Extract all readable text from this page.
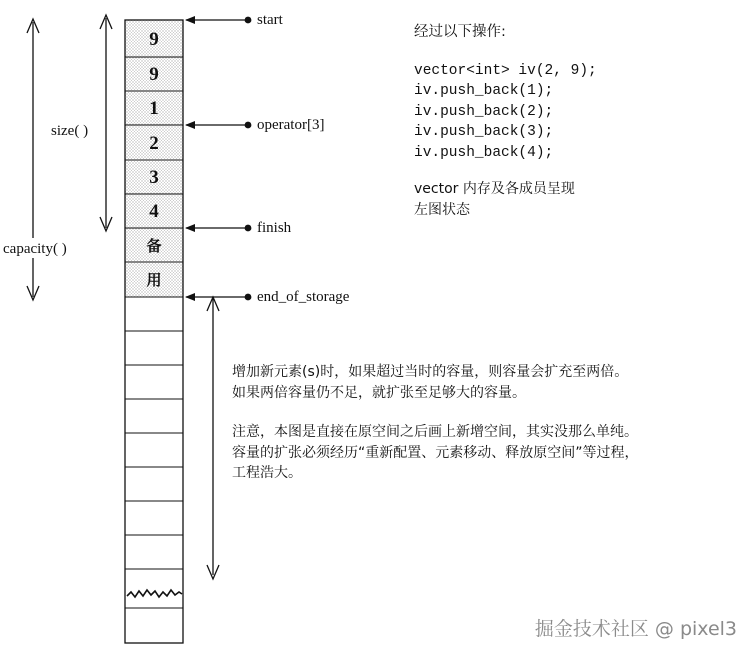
9
9
1
2
3
4
备
用
capacity( )
size( )
start
operator[3]
finish
end_of_storage
经过以下操作:
vector<int> iv(2, 9);
iv.push_back(1);
iv.push_back(2);
iv.push_back(3);
iv.push_back(4);
vector 内存及各成员呈现
左图状态
增加新元素(s)时，如果超过当时的容量，则容量会扩充至两倍。
如果两倍容量仍不足，就扩张至足够大的容量。
注意，本图是直接在原空间之后画上新增空间，其实没那么单纯。
容量的扩张必须经历“重新配置、元素移动、释放原空间”等过程，
工程浩大。
掘金技术社区 @ pixel3
